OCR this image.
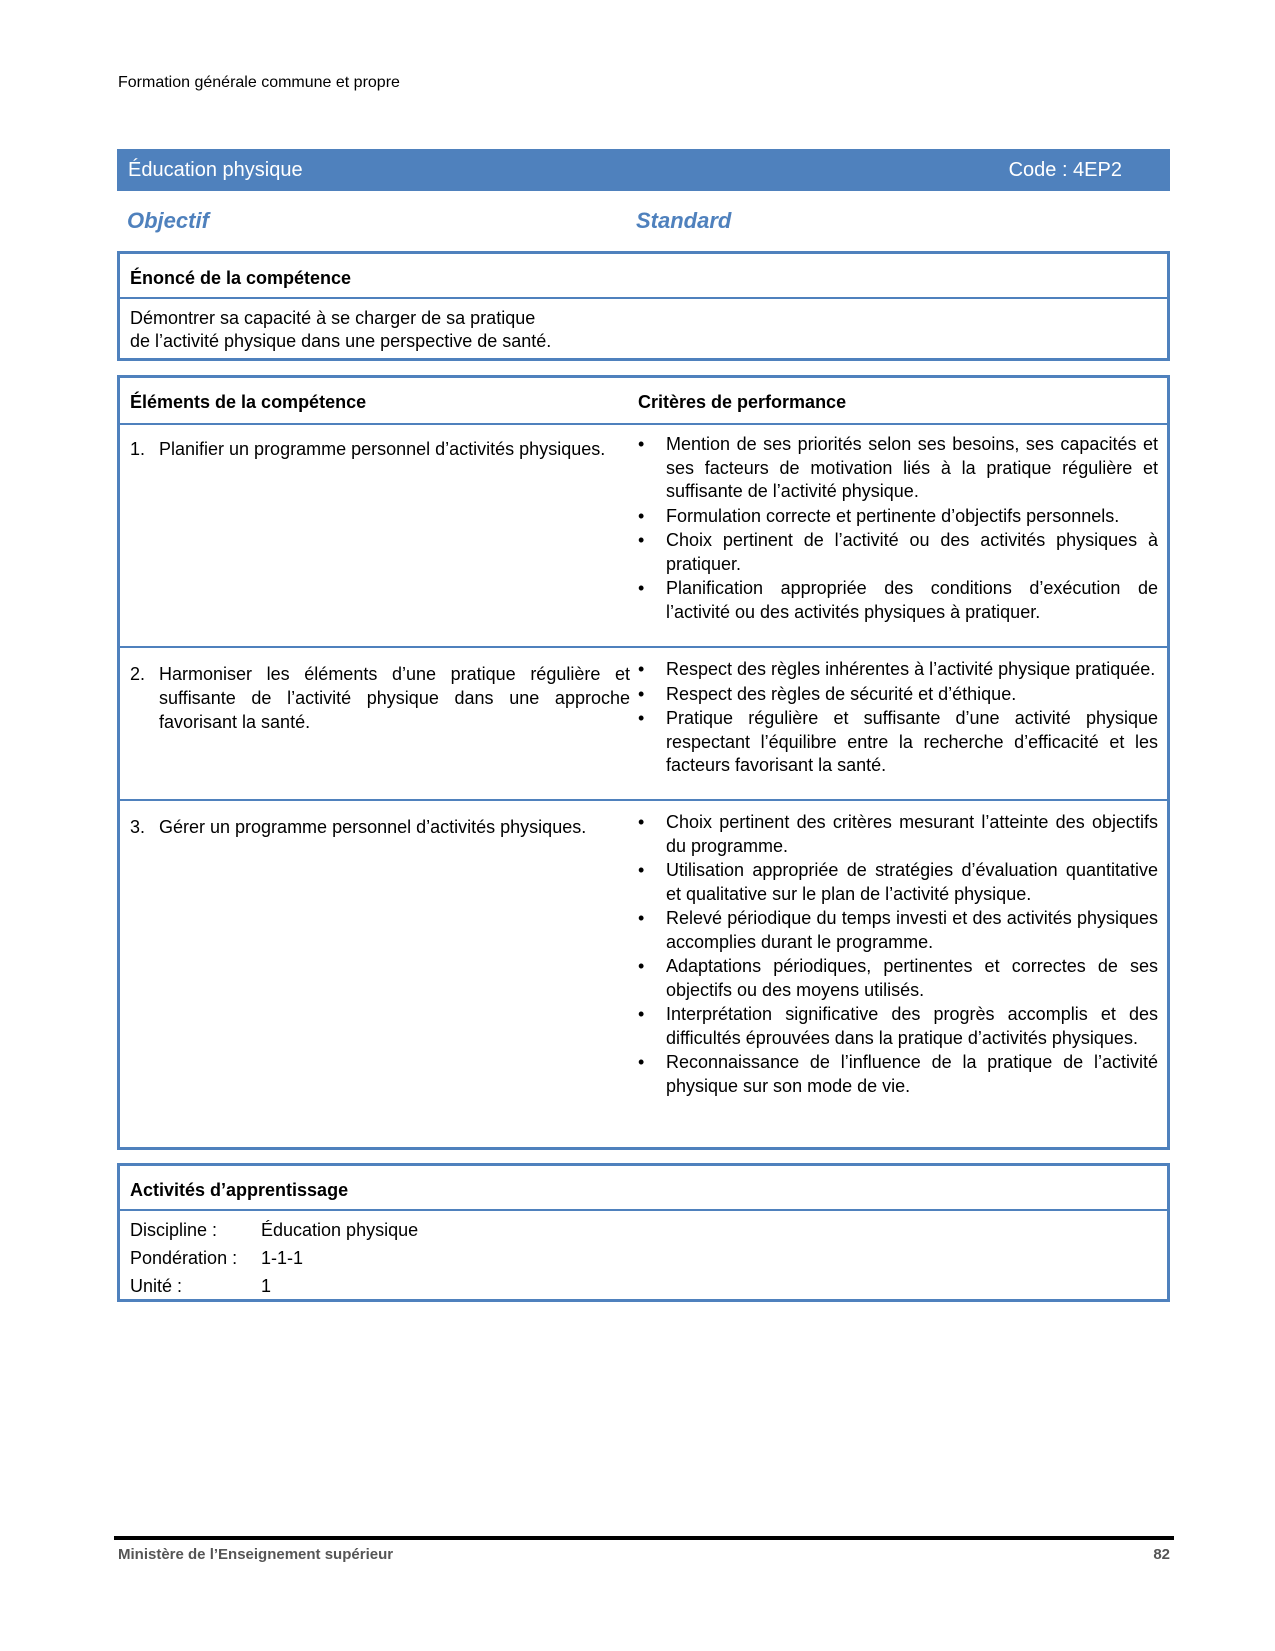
Formation générale commune et propre
Éducation physique	Code : 4EP2
Objectif	Standard
Énoncé de la compétence
Démontrer sa capacité à se charger de sa pratique
de l’activité physique dans une perspective de santé.
Éléments de la compétence	Critères de performance
1. Planifier un programme personnel d’activités physiques.	• Mention de ses priorités selon ses besoins, ses capacités et ses facteurs de motivation liés à la pratique régulière et suffisante de l’activité physique.
• Formulation correcte et pertinente d’objectifs personnels.
• Choix pertinent de l’activité ou des activités physiques à pratiquer.
• Planification appropriée des conditions d’exécution de l’activité ou des activités physiques à pratiquer.
2. Harmoniser les éléments d’une pratique régulière et suffisante de l’activité physique dans une approche favorisant la santé.
• Respect des règles inhérentes à l’activité physique pratiquée.
• Respect des règles de sécurité et d’éthique.
• Pratique régulière et suffisante d’une activité physique respectant l’équilibre entre la recherche d’efficacité et les facteurs favorisant la santé.
3. Gérer un programme personnel d’activités physiques.	• Choix pertinent des critères mesurant l’atteinte des objectifs du programme.
• Utilisation appropriée de stratégies d’évaluation quantitative et qualitative sur le plan de l’activité physique.
• Relevé périodique du temps investi et des activités physiques accomplies durant le programme.
• Adaptations périodiques, pertinentes et correctes de ses objectifs ou des moyens utilisés.
• Interprétation significative des progrès accomplis et des difficultés éprouvées dans la pratique d’activités physiques.
• Reconnaissance de l’influence de la pratique de l’activité physique sur son mode de vie.
Activités d’apprentissage
Discipline :	Éducation physique
Pondération :	1-1-1
Unité :	1
Ministère de l’Enseignement supérieur	82
